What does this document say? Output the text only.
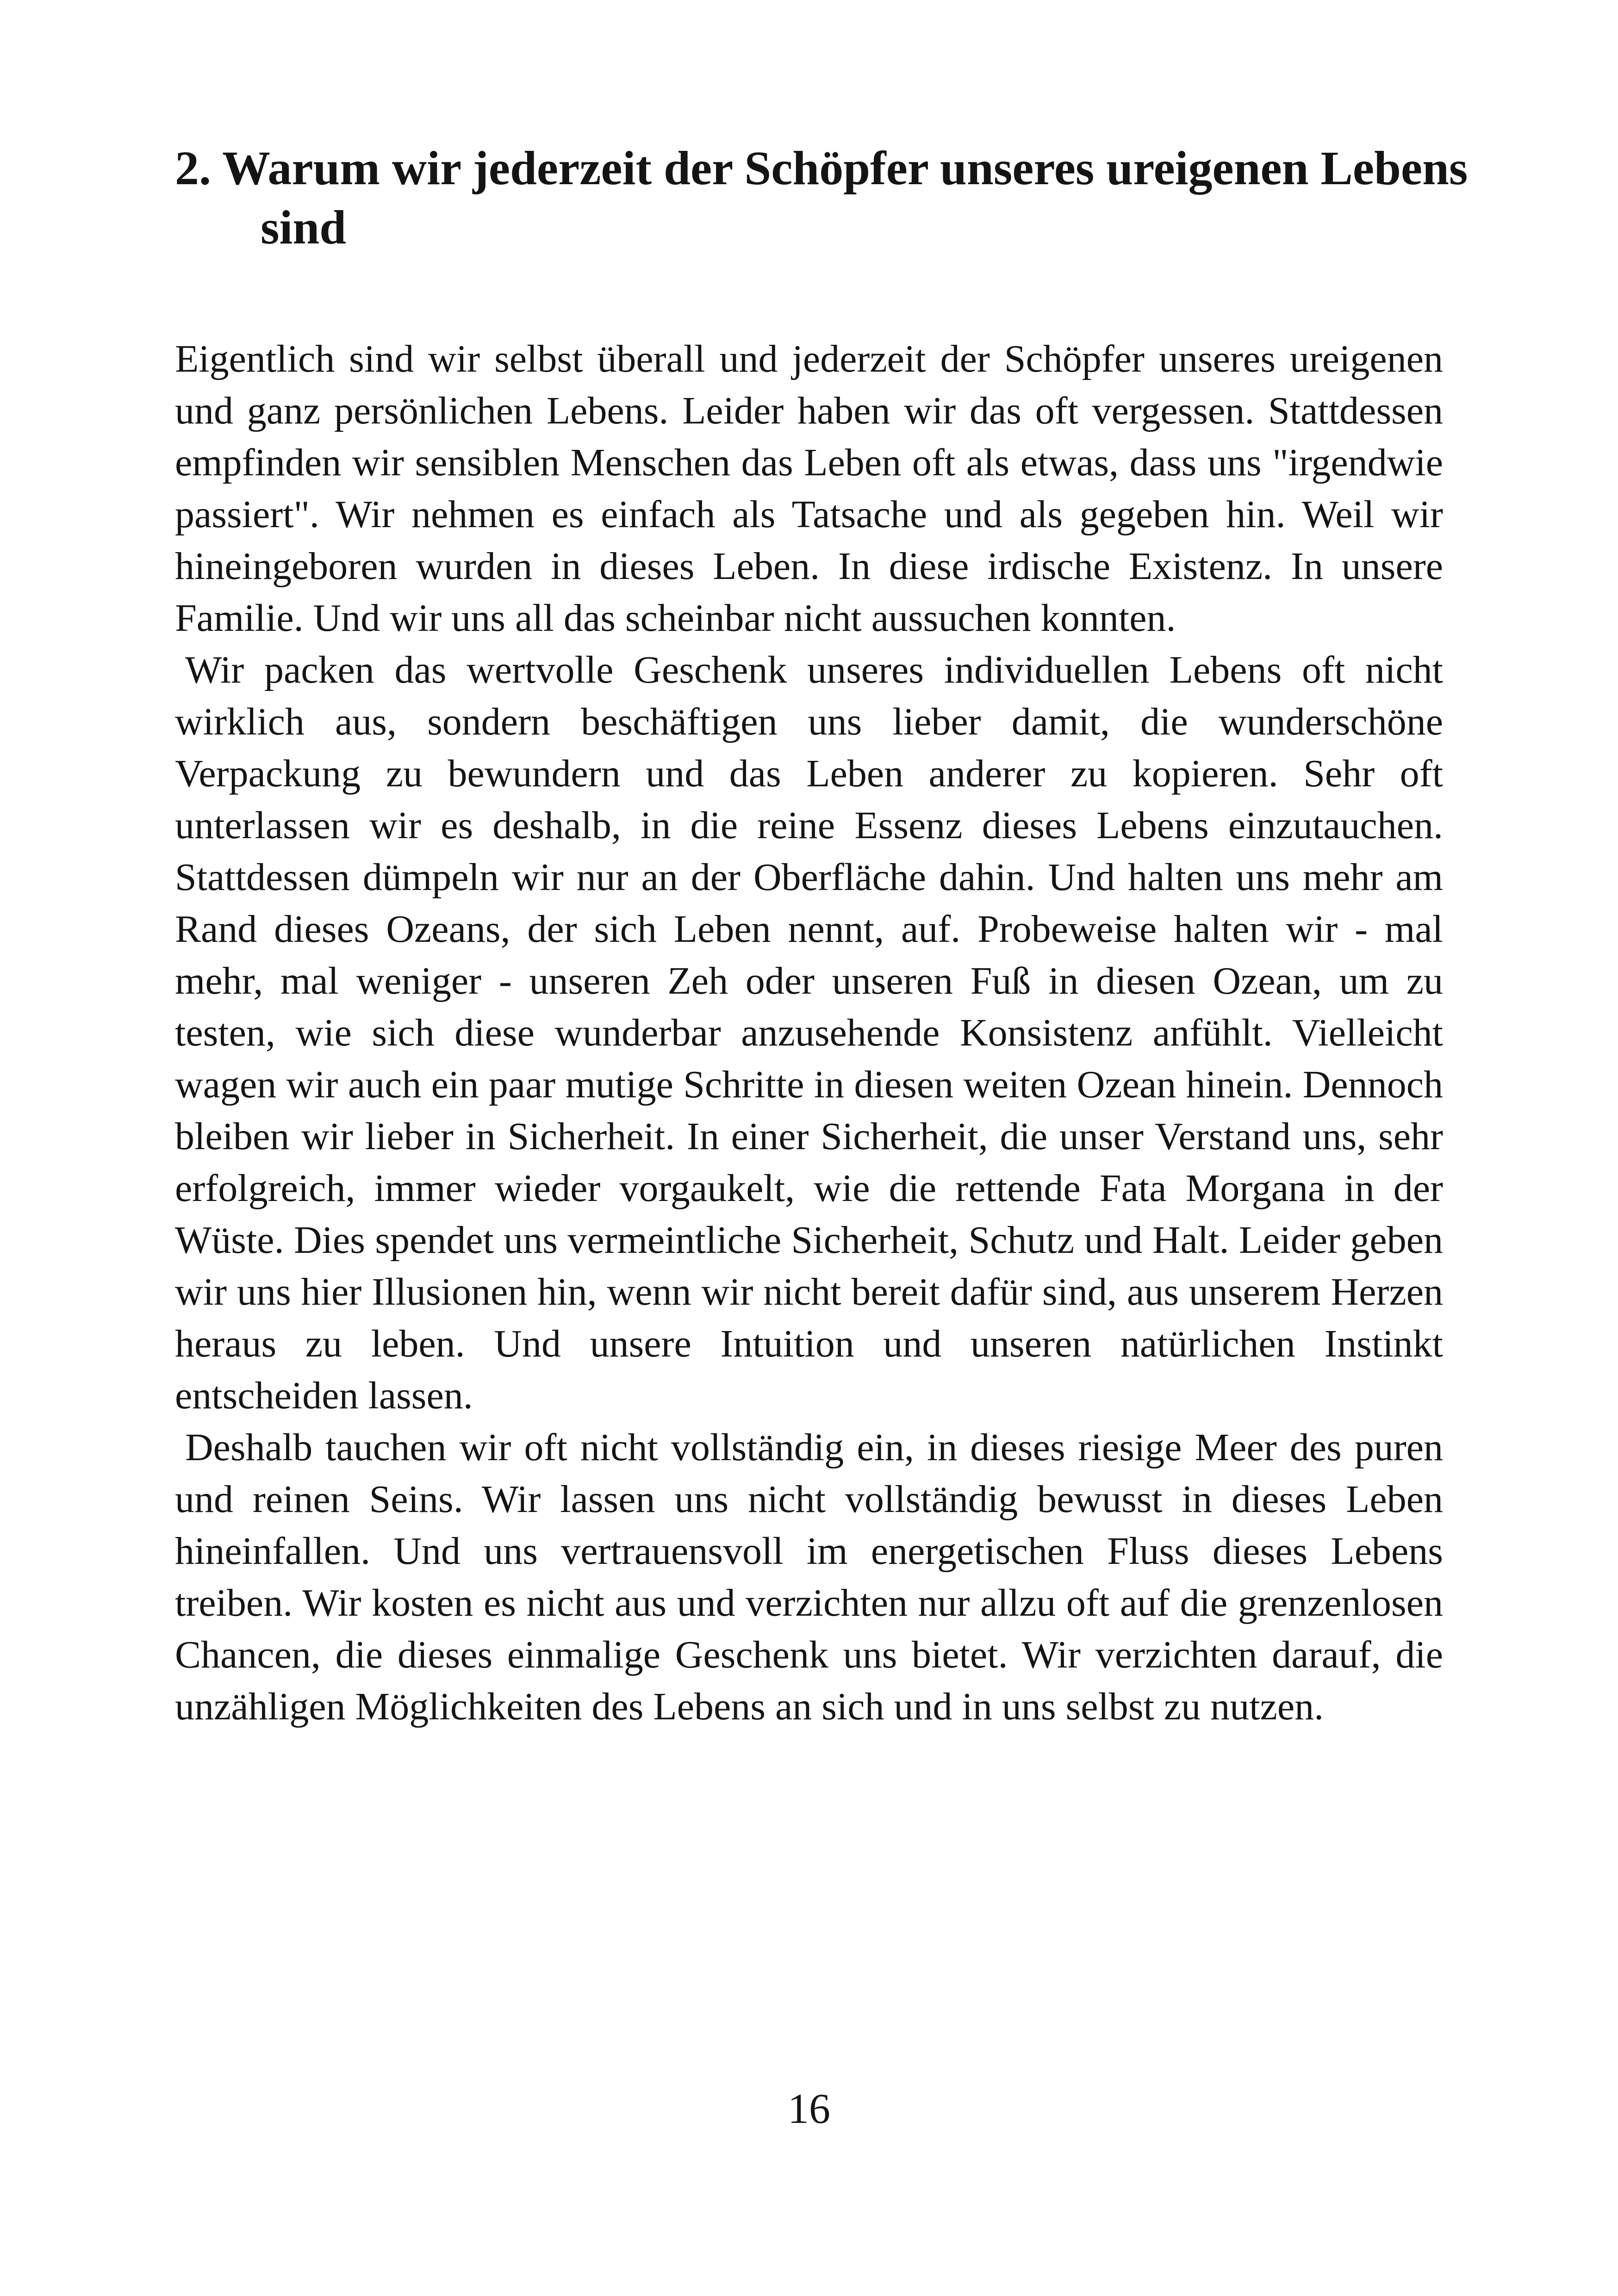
2. Warum wir jederzeit der Schöpfer unseres ureigenen Lebens sind

Eigentlich sind wir selbst überall und jederzeit der Schöpfer unseres ureigenen und ganz persönlichen Lebens. Leider haben wir das oft vergessen. Stattdessen empfinden wir sensiblen Menschen das Leben oft als etwas, dass uns "irgendwie passiert". Wir nehmen es einfach als Tatsache und als gegeben hin. Weil wir hineingeboren wurden in dieses Leben. In diese irdische Existenz. In unsere Familie. Und wir uns all das scheinbar nicht aussuchen konnten.

Wir packen das wertvolle Geschenk unseres individuellen Lebens oft nicht wirklich aus, sondern beschäftigen uns lieber damit, die wunderschöne Verpackung zu bewundern und das Leben anderer zu kopieren. Sehr oft unterlassen wir es deshalb, in die reine Essenz dieses Lebens einzutauchen. Stattdessen dümpeln wir nur an der Oberfläche dahin. Und halten uns mehr am Rand dieses Ozeans, der sich Leben nennt, auf. Probeweise halten wir - mal mehr, mal weniger - unseren Zeh oder unseren Fuß in diesen Ozean, um zu testen, wie sich diese wunderbar anzusehende Konsistenz anfühlt. Vielleicht wagen wir auch ein paar mutige Schritte in diesen weiten Ozean hinein. Dennoch bleiben wir lieber in Sicherheit. In einer Sicherheit, die unser Verstand uns, sehr erfolgreich, immer wieder vorgaukelt, wie die rettende Fata Morgana in der Wüste. Dies spendet uns vermeintliche Sicherheit, Schutz und Halt. Leider geben wir uns hier Illusionen hin, wenn wir nicht bereit dafür sind, aus unserem Herzen heraus zu leben. Und unsere Intuition und unseren natürlichen Instinkt entscheiden lassen.

Deshalb tauchen wir oft nicht vollständig ein, in dieses riesige Meer des puren und reinen Seins. Wir lassen uns nicht vollständig bewusst in dieses Leben hineinfallen. Und uns vertrauensvoll im energetischen Fluss dieses Lebens treiben. Wir kosten es nicht aus und verzichten nur allzu oft auf die grenzenlosen Chancen, die dieses einmalige Geschenk uns bietet. Wir verzichten darauf, die unzähligen Möglichkeiten des Lebens an sich und in uns selbst zu nutzen.

16
